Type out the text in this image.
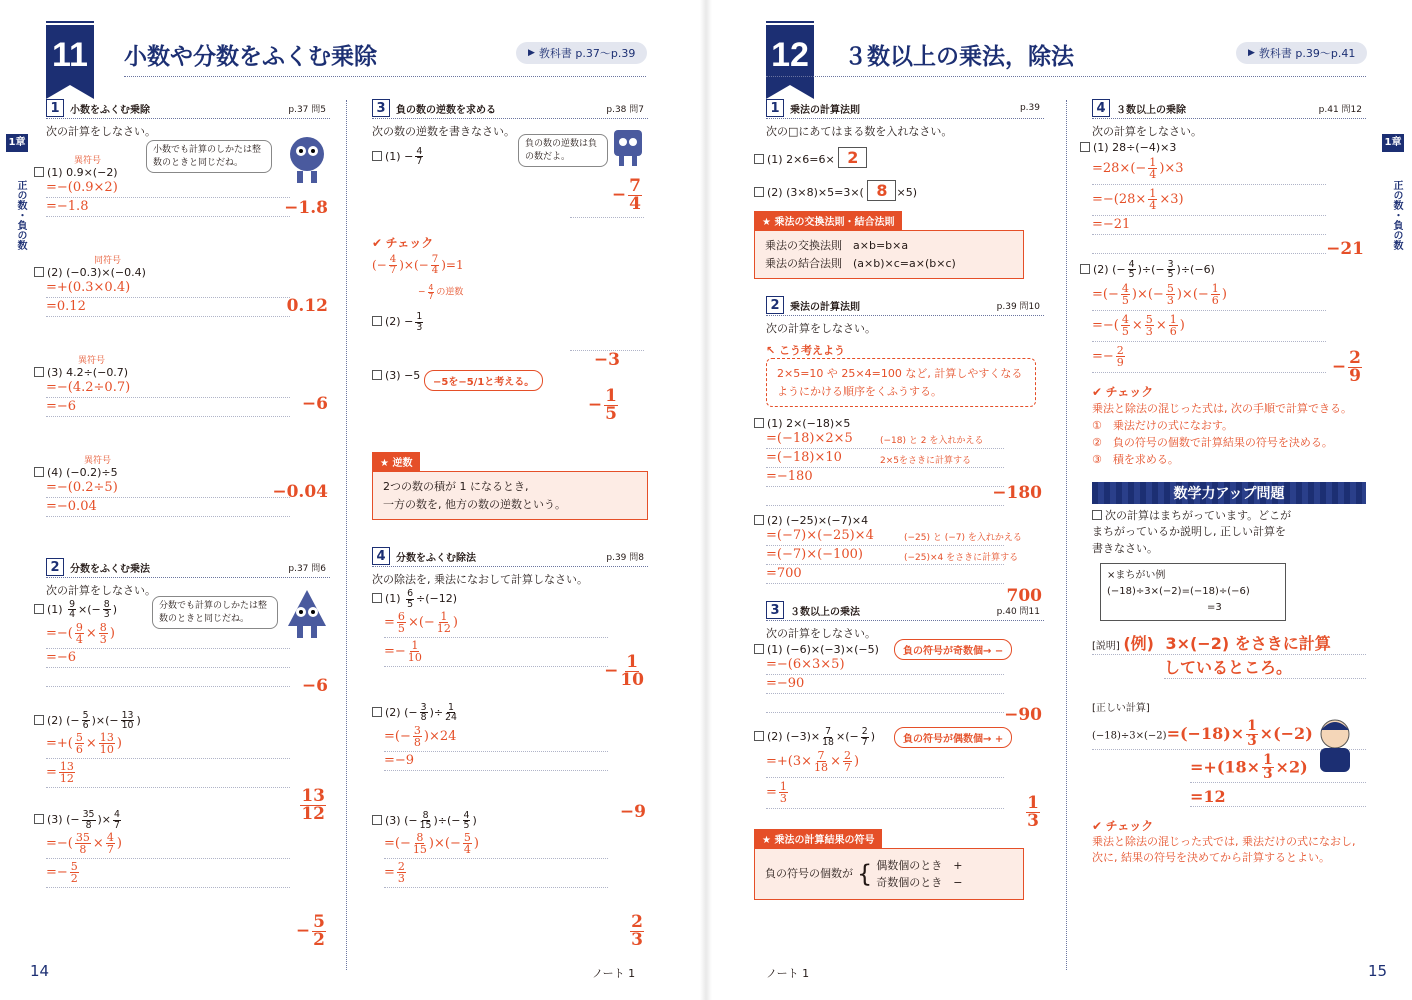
11 小数や分数をふくむ乗除	▶ 教科書 p.37〜p.39
1章
正の数・負の数
1	小数をふくむ乗除	p.37 問5
次の計算をしなさい。
小数でも計算のしかたは整数のときと同じだね。
異符号
(1) 0.9×(−2)
=−(0.9×2)
=−1.8	−1.8
同符号
(2) (−0.3)×(−0.4)
=+(0.3×0.4)
=0.12	0.12
異符号
(3) 4.2÷(−0.7)
=−(4.2÷0.7)
=−6	−6
異符号
(4) (−0.2)÷5
=−(0.2÷5)
=−0.04
−0.04
2	分数をふくむ乗法	p.37 問6
次の計算をしなさい。
分数でも計算のしかたは整数のときと同じだね。
$(1) \frac{9}{4}$ ×(− $\frac{8}{3}$ )
=−( $\frac{9}{4} \times \frac{8}{3}$ )
=−6
−6
(2) (− $\frac{5}{6}$ )×(− $\frac{13}{10}$ )
=+( $\frac{5}{6} \times \frac{13}{10}$ )
= $\frac{13}{12}$
$\frac{13}{12}$
(3) (− $\frac{35}{8}$ )× $\frac{4}{7}$
=−( $\frac{35}{8} \times \frac{4}{7}$ )
=− $\frac{5}{2}$
− $\frac{5}{2}$
3	負の数の逆数を求める	p.38 問7
次の数の逆数を書きなさい。
負の数の逆数は負の数だよ。
$(1) - \frac{4}{7}$
− $\frac{7}{4}$
✔ チェック
(− $\frac{4}{7}$ )×(− $\frac{7}{4} )=1$
− $\frac{4}{7}$ の逆数
$(2) - \frac{1}{3}$
−3
(3) −5
−5を−5/1と考える。
− $\frac{1}{5}$
★ 逆数
2つの数の積が 1 になるとき,
一方の数を, 他方の数の逆数という。
4	分数をふくむ除法	p.39 問8
次の除法を, 乗法になおして計算しなさい。
$(1) \frac{6}{5} \div(-12)$
= $\frac{6}{5}$ ×(− $\frac{1}{12}$ )
=− $\frac{1}{10}$
− $\frac{1}{10}$
(2) (− $\frac{3}{8}$ )÷ $\frac{1}{24}$
=(− $\frac{3}{8} )\times 24$
=−9
−9
(3) (− $\frac{8}{15}$ )÷(− $\frac{4}{5}$ )
=(− $\frac{8}{15}$ )×(− $\frac{5}{4}$ )
= $\frac{2}{3}$
$\frac{2}{3}$
14	ノート 1
12 ３数以上の乗法，除法	▶ 教科書 p.39〜p.41
1章
正の数・負の数
1	乗法の計算法則	p.39
次の□にあてはまる数を入れなさい。
(1) 2×6=6× 2
(2) (3×8)×5=3×( 8 ×5)
★ 乗法の交換法則・結合法則
乗法の交換法則　a×b=b×a
乗法の結合法則　(a×b)×c=a×(b×c)
2	乗法の計算法則	p.39 問10
次の計算をしなさい。
↖ こう考えよう
2×5=10 や 25×4=100 など, 計算しやすくなるようにかける順序をくふうする。
(1) 2×(−18)×5
=(−18)×2×5
=(−18)×10
=−180
(−18) と 2 を入れかえる
2×5をさきに計算する
−180
(2) (−25)×(−7)×4
=(−7)×(−25)×4
=(−7)×(−100)
=700
(−25) と (−7) を入れかえる
(−25)×4 をさきに計算する
700
3	３数以上の乗法	p.40 問11
次の計算をしなさい。
(1) (−6)×(−3)×(−5)	負の符号が奇数個→ −
=−(6×3×5)
=−90
−90
(2) $(-3)\times \frac{7}{18}$ ×(− $\frac{2}{7}$ )	負の符号が偶数個→ +
$=+(3\times \frac{7}{18} \times \frac{2}{7}$ )
= $\frac{1}{3}$
$\frac{1}{3}$
★ 乗法の計算結果の符号
負の符号の個数が { 偶数個のとき　+
奇数個のとき　−
4	３数以上の乗除	p.41 問12
次の計算をしなさい。
(1) 28÷(−4)×3
$=28\times(- \frac{1}{4} )\times 3$
$=-(28\times \frac{1}{4} \times 3)$
=−21
−21
(2) (− $\frac{4}{5}$ )÷(− $\frac{3}{5} )\div(-6)$
=(− $\frac{4}{5}$ )×(− $\frac{5}{3}$ )×(− $\frac{1}{6}$ )
=−( $\frac{4}{5} \times \frac{5}{3} \times \frac{1}{6}$ )
=− $\frac{2}{9}$	− $\frac{2}{9}$
✔ チェック
乗法と除法の混じった式は, 次の手順で計算できる。
①　乗法だけの式になおす。
②　負の符号の個数で計算結果の符号を決める。
③　積を求める。
数学力アップ問題
次の計算はまちがっています。どこがまちがっているか説明し, 正しい計算を書きなさい。
×まちがい例
(−18)÷3×(−2)=(−18)÷(−6)
=3
[説明] (例) 3×(−2) をさきに計算
しているところ。
[正しい計算]
$(-18)\div 3\times(-2)=(-18)\times \frac{1}{3} \times(-2)$
$=+(18\times \frac{1}{3} \times 2)$
=12
✔ チェック
乗法と除法の混じった式では, 乗法だけの式になおし, 次に, 結果の符号を決めてから計算するとよい。
ノート 1	15
